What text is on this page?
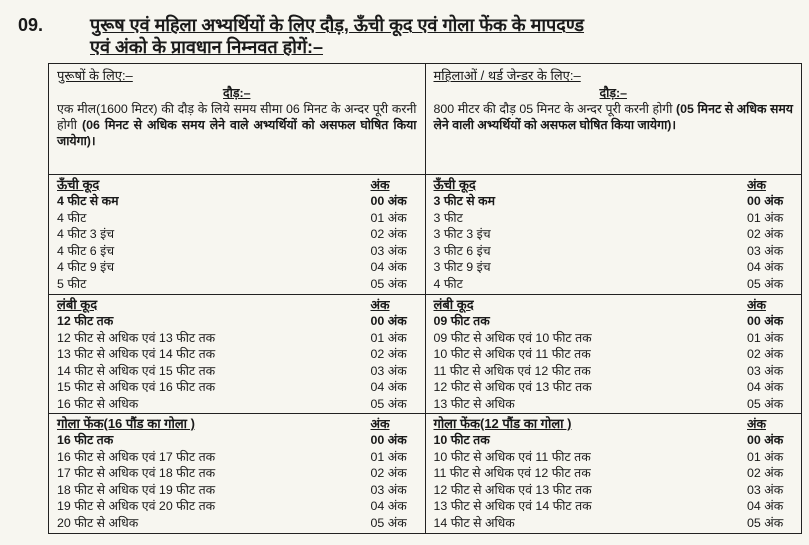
09.	पुरूष एवं महिला अभ्यर्थियों के लिए दौड़, ऊँची कूद एवं गोला फेंक के मापदण्ड
एवं अंको के प्रावधान निम्नवत होगें:–
पुरूषों के लिए:–
दौड़:–
एक मील(1600 मिटर) की दौड़ के लिये समय सीमा 06 मिनट के अन्दर पूरी करनी होगी (06 मिनट से अधिक समय लेने वाले अभ्यर्थियों को असफल घोषित किया जायेगा)।
ऊँची कूद	अंक
4 फीट से कम	00 अंक
4 फीट	01 अंक
4 फीट 3 इंच	02 अंक
4 फीट 6 इंच	03 अंक
4 फीट 9 इंच	04 अंक
5 फीट	05 अंक
लंबी कूद	अंक
12 फीट तक	00 अंक
12 फीट से अधिक एवं 13 फीट तक	01 अंक
13 फीट से अधिक एवं 14 फीट तक	02 अंक
14 फीट से अधिक एवं 15 फीट तक	03 अंक
15 फीट से अधिक एवं 16 फीट तक	04 अंक
16 फीट से अधिक	05 अंक
गोला फेंक(16 पौंड का गोला )	अंक
16 फीट तक	00 अंक
16 फीट से अधिक एवं 17 फीट तक	01 अंक
17 फीट से अधिक एवं 18 फीट तक	02 अंक
18 फीट से अधिक एवं 19 फीट तक	03 अंक
19 फीट से अधिक एवं 20 फीट तक	04 अंक
20 फीट से अधिक	05 अंक
महिलाओं / थर्ड जेन्डर के लिए:–
दौड़:–
800 मीटर की दौड़ 05 मिनट के अन्दर पूरी करनी होगी (05 मिनट से अधिक समय लेने वाली अभ्यर्थियों को असफल घोषित किया जायेगा)।
ऊँची कूद	अंक
3 फीट से कम	00 अंक
3 फीट	01 अंक
3 फीट 3 इंच	02 अंक
3 फीट 6 इंच	03 अंक
3 फीट 9 इंच	04 अंक
4 फीट	05 अंक
लंबी कूद	अंक
09 फीट तक	00 अंक
09 फीट से अधिक एवं 10 फीट तक	01 अंक
10 फीट से अधिक एवं 11 फीट तक	02 अंक
11 फीट से अधिक एवं 12 फीट तक	03 अंक
12 फीट से अधिक एवं 13 फीट तक	04 अंक
13 फीट से अधिक	05 अंक
गोला फेंक(12 पौंड का गोला )	अंक
10 फीट तक	00 अंक
10 फीट से अधिक एवं 11 फीट तक	01 अंक
11 फीट से अधिक एवं 12 फीट तक	02 अंक
12 फीट से अधिक एवं 13 फीट तक	03 अंक
13 फीट से अधिक एवं 14 फीट तक	04 अंक
14 फीट से अधिक	05 अंक
